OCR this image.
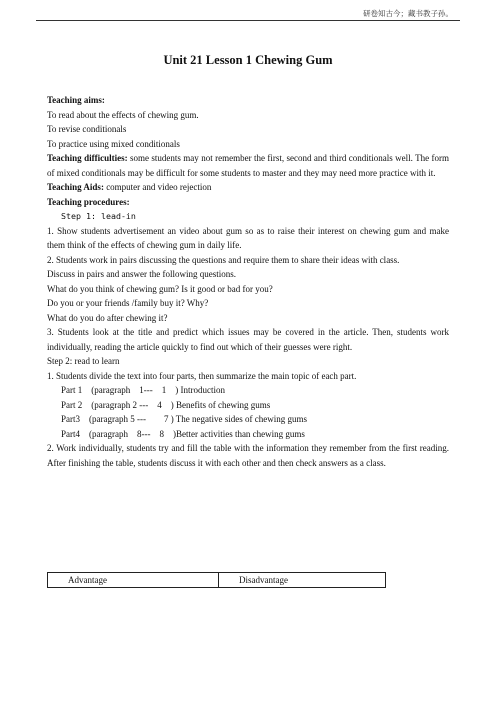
研卷知古今；藏书教子孙。
Unit 21 Lesson 1 Chewing Gum

Teaching aims:

To read about the effects of chewing gum.

To revise conditionals

To practice using mixed conditionals

Teaching difficulties: some students may not remember the first, second and third conditionals well. The form of mixed conditionals may be difficult for some students to master and they may need more practice with it.

Teaching Aids: computer and video rejection

Teaching procedures:

Step 1: lead-in

1. Show students advertisement an video about gum so as to raise their interest on chewing gum and make them think of the effects of chewing gum in daily life.

2. Students work in pairs discussing the questions and require them to share their ideas with class.

Discuss in pairs and answer the following questions.

What do you think of chewing gum? Is it good or bad for you?

Do you or your friends /family buy it? Why?

What do you do after chewing it?

3. Students look at the title and predict which issues may be covered in the article. Then, students work individually, reading the article quickly to find out which of their guesses were right.

Step 2: read to learn

1. Students divide the text into four parts, then summarize the main topic of each part.

Part 1　(paragraph　1---　1　) Introduction

Part 2　(paragraph 2 ---　4　) Benefits of chewing gums

Part3　(paragraph 5 ---　　7 ) The negative sides of chewing gums

Part4　(paragraph　8---　8　)Better activities than chewing gums

2. Work individually, students try and fill the table with the information they remember from the first reading. After finishing the table, students discuss it with each other and then check answers as a class.

Advantage	Disadvantage
